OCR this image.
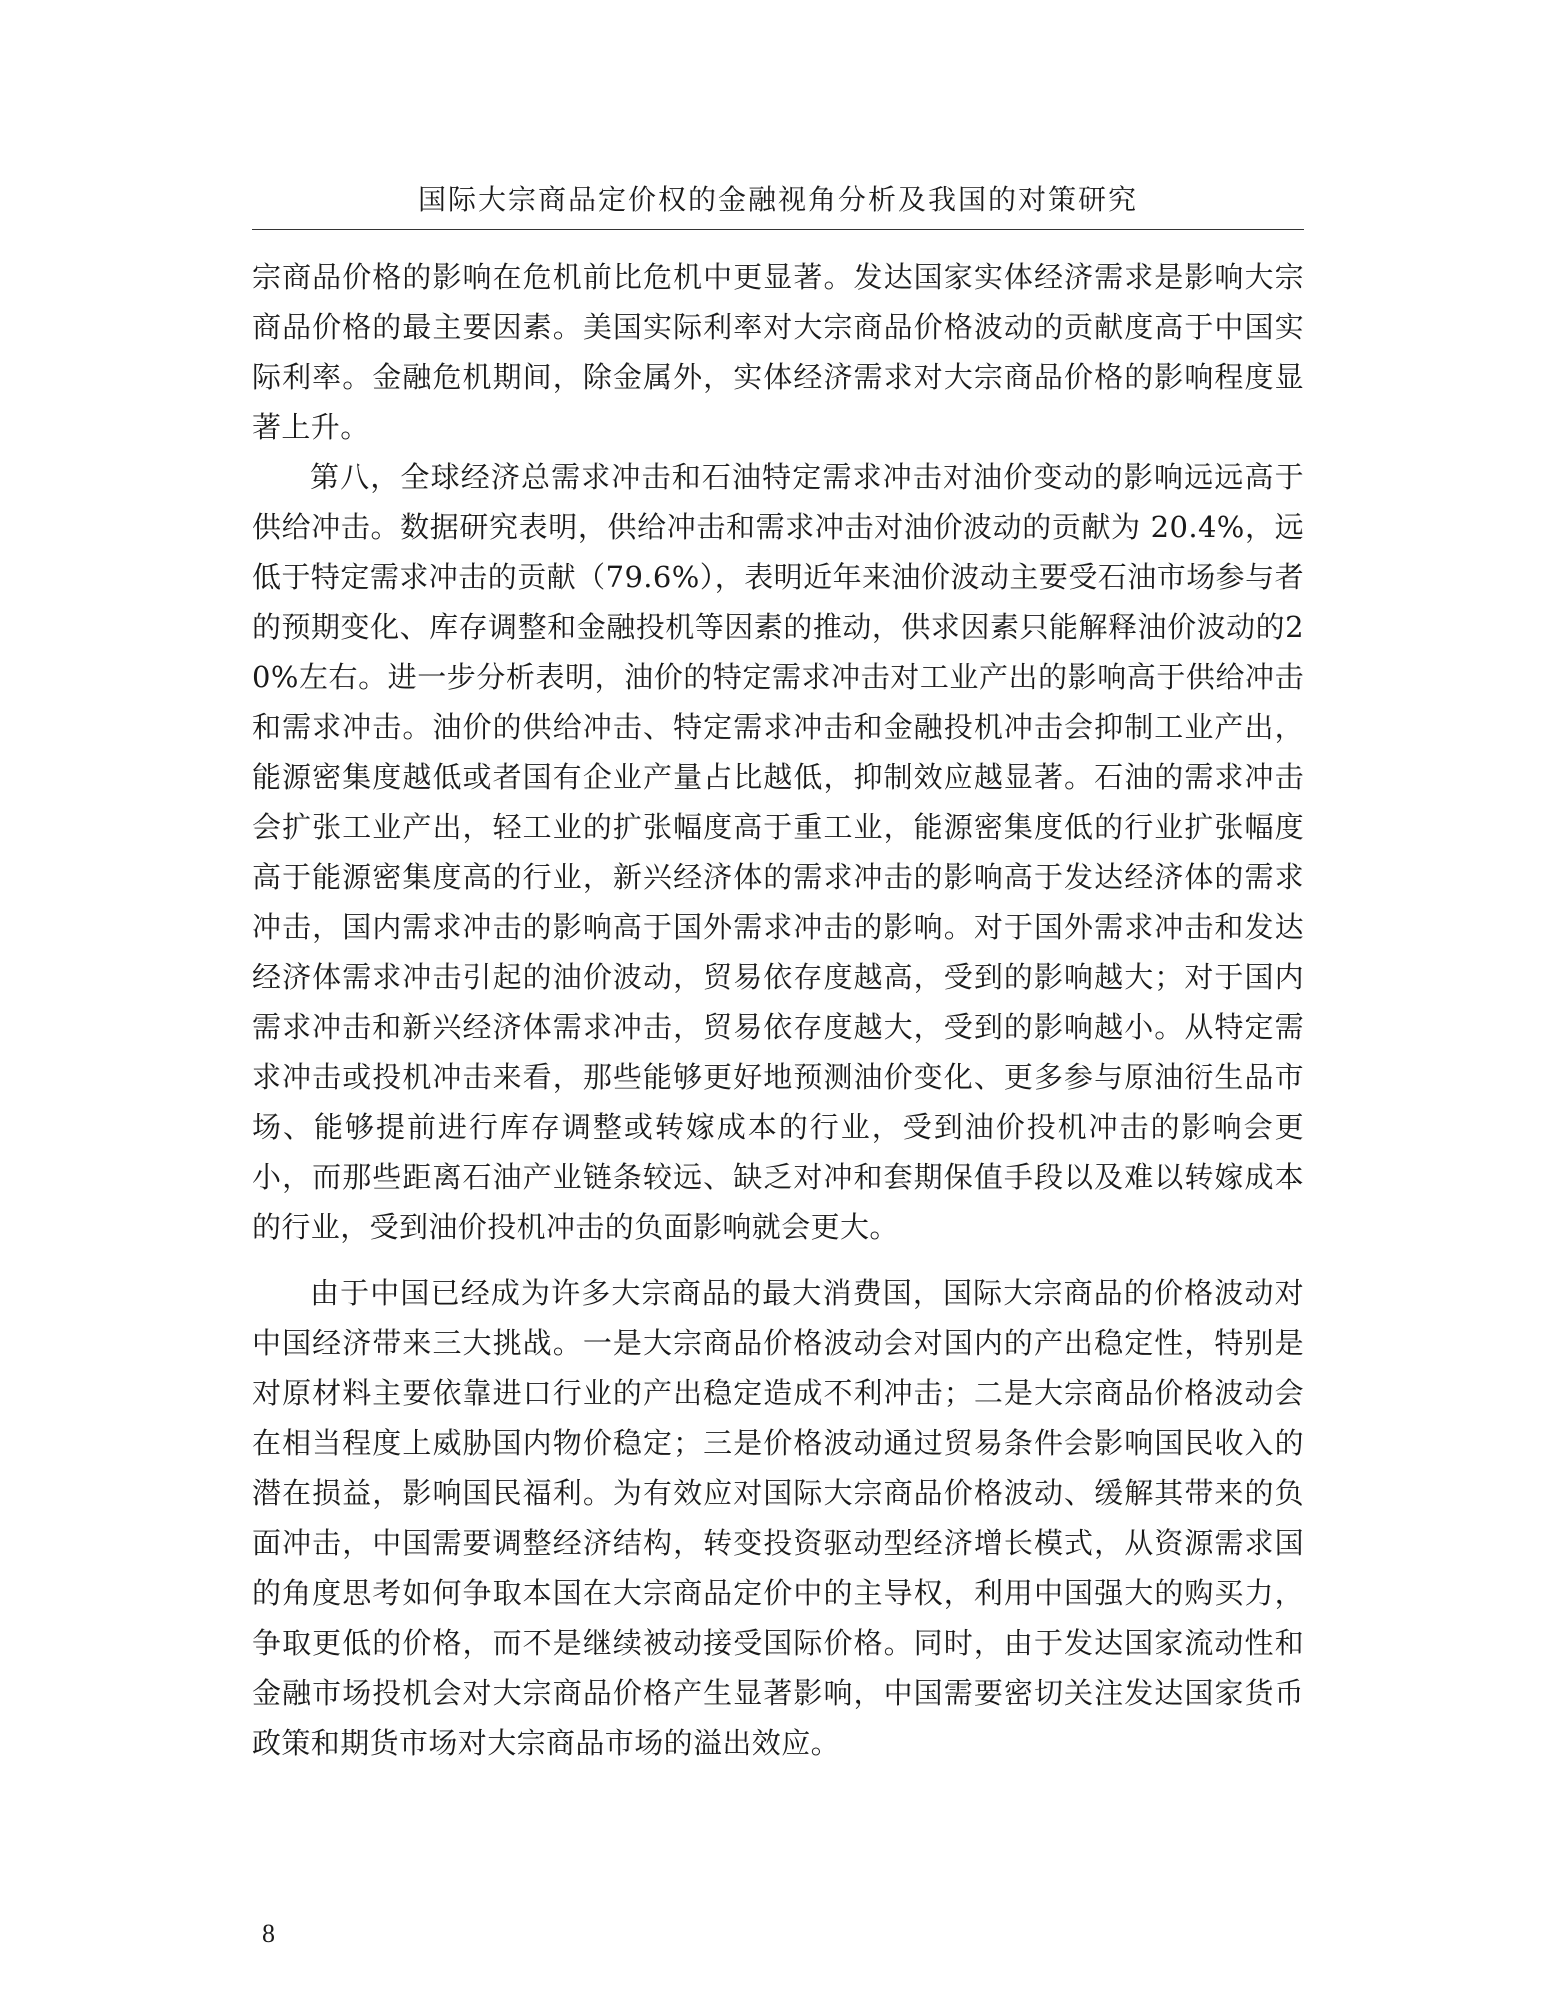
国际大宗商品定价权的金融视角分析及我国的对策研究

宗商品价格的影响在危机前比危机中更显著。发达国家实体经济需求是影响大宗商品价格的最主要因素。美国实际利率对大宗商品价格波动的贡献度高于中国实际利率。金融危机期间，除金属外，实体经济需求对大宗商品价格的影响程度显著上升。

第八，全球经济总需求冲击和石油特定需求冲击对油价变动的影响远远高于供给冲击。数据研究表明，供给冲击和需求冲击对油价波动的贡献为 20.4%，远低于特定需求冲击的贡献（79.6%），表明近年来油价波动主要受石油市场参与者的预期变化、库存调整和金融投机等因素的推动，供求因素只能解释油价波动的20%左右。进一步分析表明，油价的特定需求冲击对工业产出的影响高于供给冲击和需求冲击。油价的供给冲击、特定需求冲击和金融投机冲击会抑制工业产出，能源密集度越低或者国有企业产量占比越低，抑制效应越显著。石油的需求冲击会扩张工业产出，轻工业的扩张幅度高于重工业，能源密集度低的行业扩张幅度高于能源密集度高的行业，新兴经济体的需求冲击的影响高于发达经济体的需求冲击，国内需求冲击的影响高于国外需求冲击的影响。对于国外需求冲击和发达经济体需求冲击引起的油价波动，贸易依存度越高，受到的影响越大；对于国内需求冲击和新兴经济体需求冲击，贸易依存度越大，受到的影响越小。从特定需求冲击或投机冲击来看，那些能够更好地预测油价变化、更多参与原油衍生品市场、能够提前进行库存调整或转嫁成本的行业，受到油价投机冲击的影响会更小，而那些距离石油产业链条较远、缺乏对冲和套期保值手段以及难以转嫁成本的行业，受到油价投机冲击的负面影响就会更大。

由于中国已经成为许多大宗商品的最大消费国，国际大宗商品的价格波动对中国经济带来三大挑战。一是大宗商品价格波动会对国内的产出稳定性，特别是对原材料主要依靠进口行业的产出稳定造成不利冲击；二是大宗商品价格波动会在相当程度上威胁国内物价稳定；三是价格波动通过贸易条件会影响国民收入的潜在损益，影响国民福利。为有效应对国际大宗商品价格波动、缓解其带来的负面冲击，中国需要调整经济结构，转变投资驱动型经济增长模式，从资源需求国的角度思考如何争取本国在大宗商品定价中的主导权，利用中国强大的购买力，争取更低的价格，而不是继续被动接受国际价格。同时，由于发达国家流动性和金融市场投机会对大宗商品价格产生显著影响，中国需要密切关注发达国家货币政策和期货市场对大宗商品市场的溢出效应。

8
